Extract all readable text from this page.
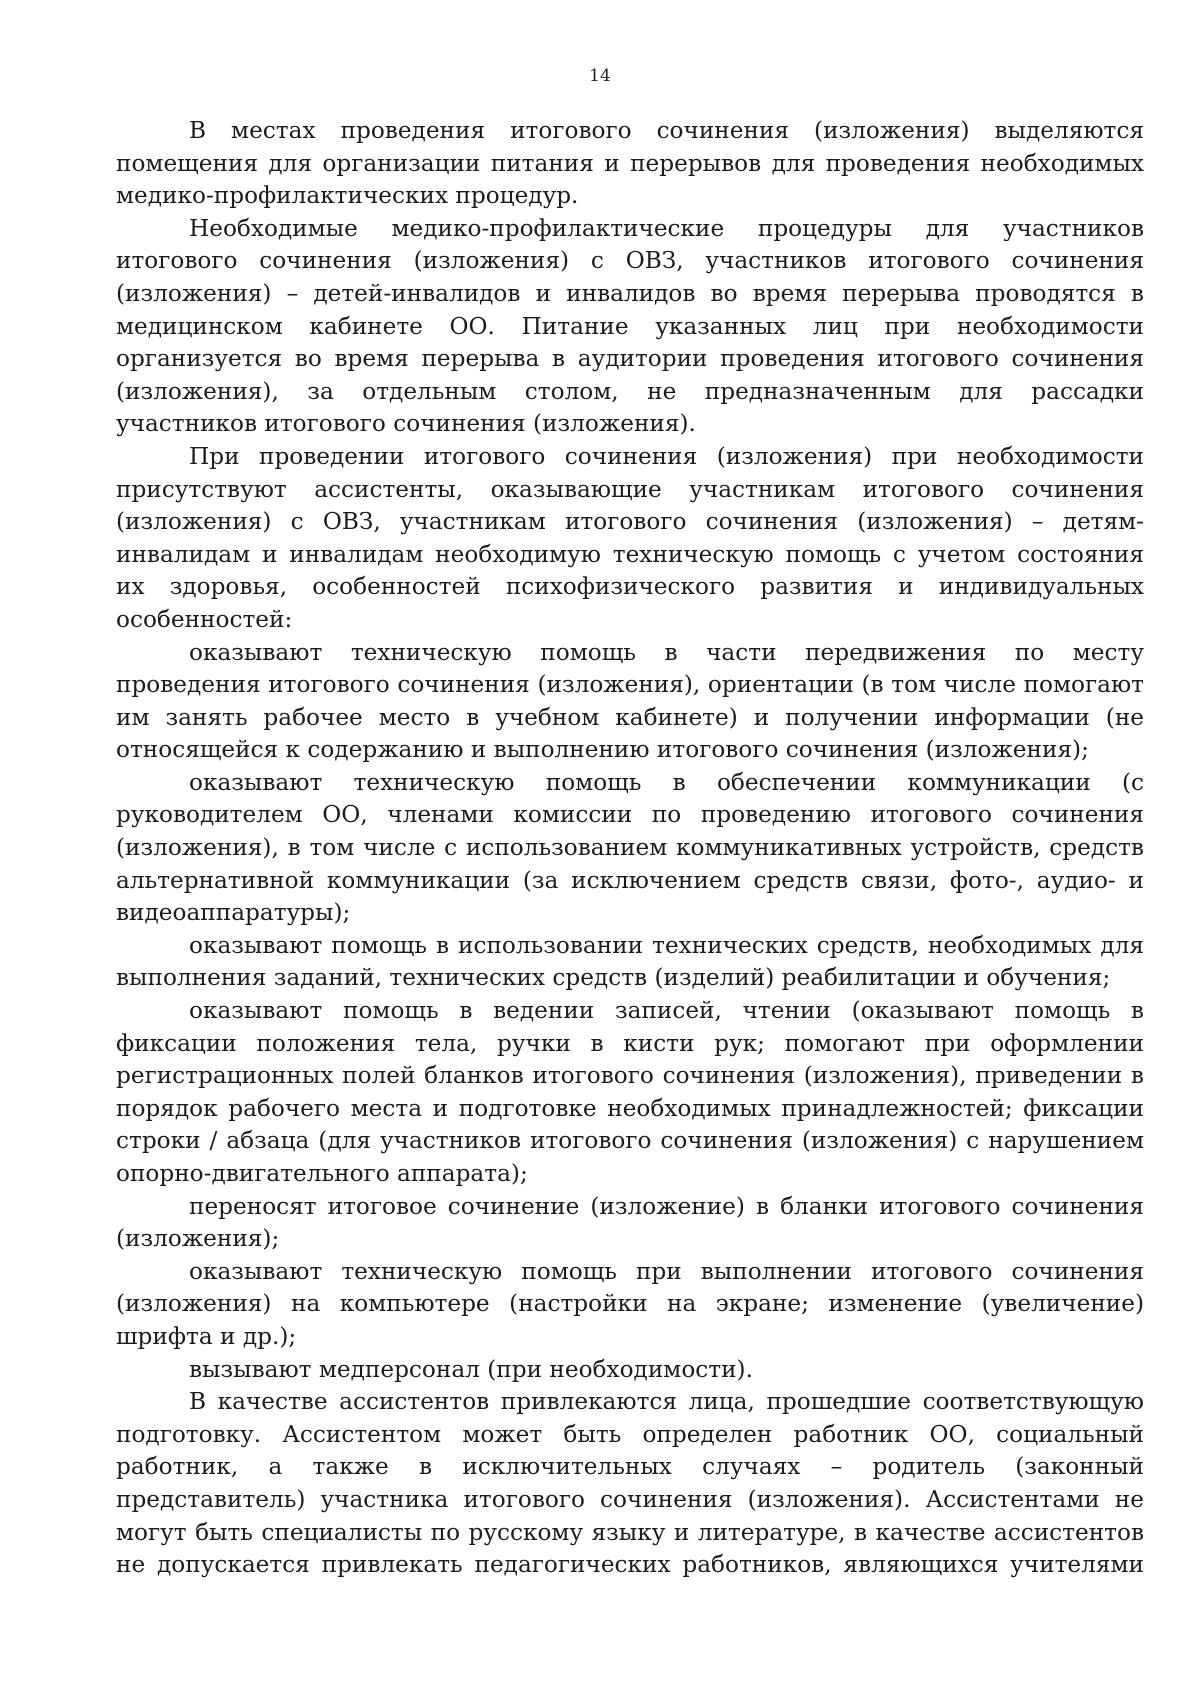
14

В местах проведения итогового сочинения (изложения) выделяются помещения для организации питания и перерывов для проведения необходимых медико-профилактических процедур.

Необходимые медико-профилактические процедуры для участников итогового сочинения (изложения) с ОВЗ, участников итогового сочинения (изложения) – детей-инвалидов и инвалидов во время перерыва проводятся в медицинском кабинете ОО. Питание указанных лиц при необходимости организуется во время перерыва в аудитории проведения итогового сочинения (изложения), за отдельным столом, не предназначенным для рассадки участников итогового сочинения (изложения).

При проведении итогового сочинения (изложения) при необходимости присутствуют ассистенты, оказывающие участникам итогового сочинения (изложения) с ОВЗ, участникам итогового сочинения (изложения) – детям-инвалидам и инвалидам необходимую техническую помощь с учетом состояния их здоровья, особенностей психофизического развития и индивидуальных особенностей:

оказывают техническую помощь в части передвижения по месту проведения итогового сочинения (изложения), ориентации (в том числе помогают им занять рабочее место в учебном кабинете) и получении информации (не относящейся к содержанию и выполнению итогового сочинения (изложения);

оказывают техническую помощь в обеспечении коммуникации (с руководителем ОО, членами комиссии по проведению итогового сочинения (изложения), в том числе с использованием коммуникативных устройств, средств альтернативной коммуникации (за исключением средств связи, фото-, аудио- и видеоаппаратуры);

оказывают помощь в использовании технических средств, необходимых для выполнения заданий, технических средств (изделий) реабилитации и обучения;

оказывают помощь в ведении записей, чтении (оказывают помощь в фиксации положения тела, ручки в кисти рук; помогают при оформлении регистрационных полей бланков итогового сочинения (изложения), приведении в порядок рабочего места и подготовке необходимых принадлежностей; фиксации строки / абзаца (для участников итогового сочинения (изложения) с нарушением опорно-двигательного аппарата);

переносят итоговое сочинение (изложение) в бланки итогового сочинения (изложения);

оказывают техническую помощь при выполнении итогового сочинения (изложения) на компьютере (настройки на экране; изменение (увеличение) шрифта и др.);

вызывают медперсонал (при необходимости).

В качестве ассистентов привлекаются лица, прошедшие соответствующую подготовку. Ассистентом может быть определен работник ОО, социальный работник, а также в исключительных случаях – родитель (законный представитель) участника итогового сочинения (изложения). Ассистентами не могут быть специалисты по русскому языку и литературе, в качестве ассистентов не допускается привлекать педагогических работников, являющихся учителями
